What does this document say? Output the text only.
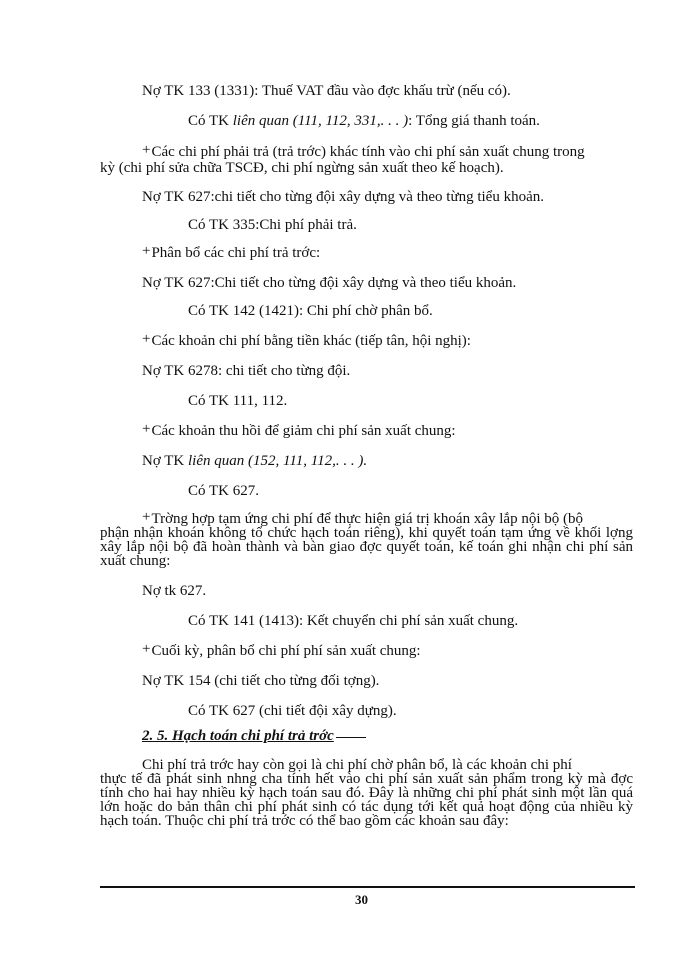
Nợ TK 133 (1331): Thuế VAT đầu vào đợc khấu trừ (nếu có).
Có TK liên quan (111, 112, 331,. . . ): Tổng giá thanh toán.
+Các chi phí phải trả (trả trớc) khác tính vào chi phí sản xuất chung trong
kỳ (chi phí sửa chữa TSCĐ, chi phí ngừng sản xuất theo kế hoạch).
Nợ TK 627:chi tiết cho từng đội xây dựng và theo từng tiểu khoản.
Có TK 335:Chi phí phải trả.
+Phân bổ các chi phí trả trớc:
Nợ TK 627:Chi tiết cho từng đội xây dựng và theo tiểu khoản.
Có TK 142 (1421): Chi phí chờ phân bổ.
+Các khoản chi phí bằng tiền khác (tiếp tân, hội nghị):
Nợ TK 6278: chi tiết cho từng đội.
Có TK 111, 112.
+Các khoản thu hồi để giảm chi phí sản xuất chung:
Nợ TK liên quan (152, 111, 112,. . . ).
Có TK 627.
+Trờng hợp tạm ứng chi phí để thực hiện giá trị khoán xây lắp nội bộ (bộ
phận nhận khoán không tổ chức hạch toán riêng), khi quyết toán tạm ứng về khối lợng xây lắp nội bộ đã hoàn thành và bàn giao đợc quyết toán, kế toán ghi nhận chi phí sản xuất chung:
Nợ tk 627.
Có TK 141 (1413): Kết chuyển chi phí sản xuất chung.
+Cuối kỳ, phân bổ chi phí phí sản xuất chung:
Nợ TK 154 (chi tiết cho từng đối tợng).
Có TK 627 (chi tiết đội xây dựng).
2. 5. Hạch toán chi phí trả trớc
Chi phí trả trớc hay còn gọi là chi phí chờ phân bổ, là các khoản chi phí
thực tế đã phát sinh nhng cha tính hết vào chi phí sản xuất sản phẩm trong kỳ mà đợc tính cho hai hay nhiều kỳ hạch toán sau đó. Đây là những chi phí phát sinh một lần quá lớn hoặc do bản thân chi phí phát sinh có tác dụng tới kết quả hoạt động của nhiều kỳ hạch toán. Thuộc chi phí trả trớc có thể bao gồm các khoản sau đây:
30
